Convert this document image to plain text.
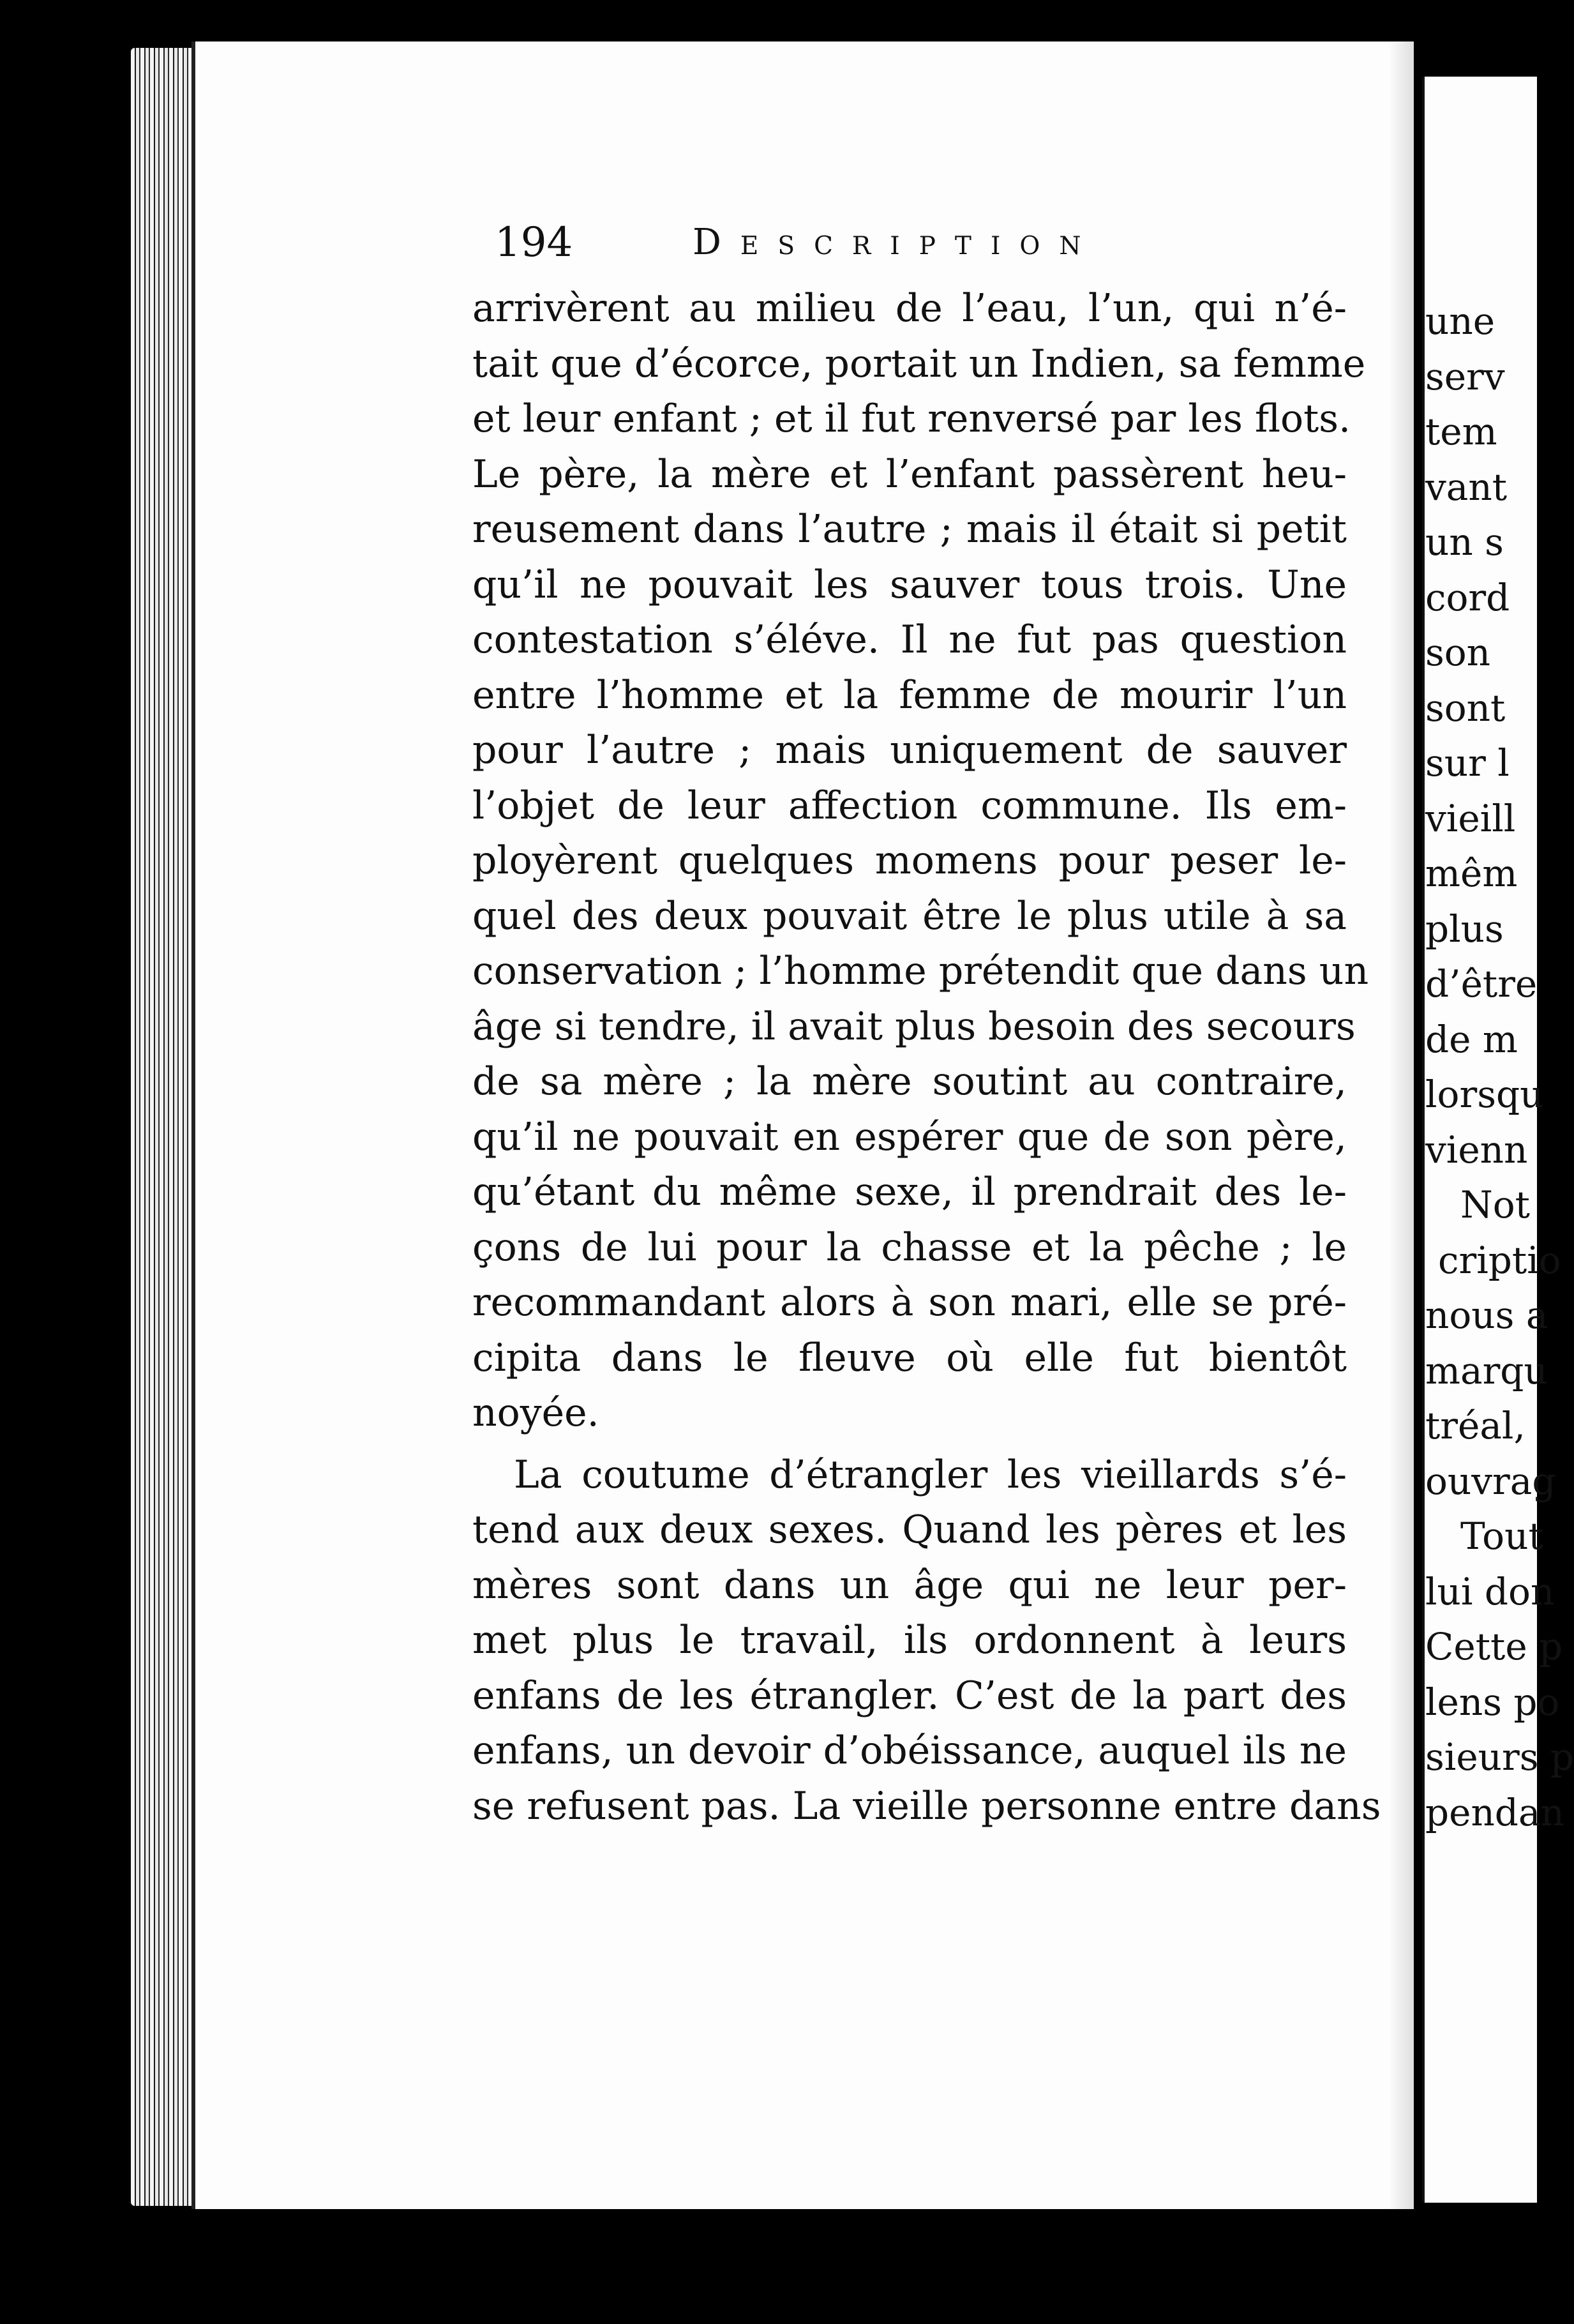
194	Description
arrivèrent au milieu de l’eau, l’un, qui n’é-
tait que d’écorce, portait un Indien, sa femme
et leur enfant ; et il fut renversé par les flots.
Le père, la mère et l’enfant passèrent heu-
reusement dans l’autre ; mais il était si petit
qu’il ne pouvait les sauver tous trois. Une
contestation s’éléve. Il ne fut pas question
entre l’homme et la femme de mourir l’un
pour l’autre ; mais uniquement de sauver
l’objet de leur affection commune. Ils em-
ployèrent quelques momens pour peser le-
quel des deux pouvait être le plus utile à sa
conservation ; l’homme prétendit que dans un
âge si tendre, il avait plus besoin des secours
de sa mère ; la mère soutint au contraire,
qu’il ne pouvait en espérer que de son père,
qu’étant du même sexe, il prendrait des le-
çons de lui pour la chasse et la pêche ; le
recommandant alors à son mari, elle se pré-
cipita dans le fleuve où elle fut bientôt
noyée.
La coutume d’étrangler les vieillards s’é-
tend aux deux sexes. Quand les pères et les
mères sont dans un âge qui ne leur per-
met plus le travail, ils ordonnent à leurs
enfans de les étrangler. C’est de la part des
enfans, un devoir d’obéissance, auquel ils ne
se refusent pas. La vieille personne entre dans
une
serv
tem
vant
un s
cord
son
sont
sur l
vieill
mêm
plus
d’être
de m
lorsqu
vienn
Not
criptio
nous a
marqu
tréal,
ouvrag
Tout
lui don
Cette p
lens po
sieurs p
pendan
